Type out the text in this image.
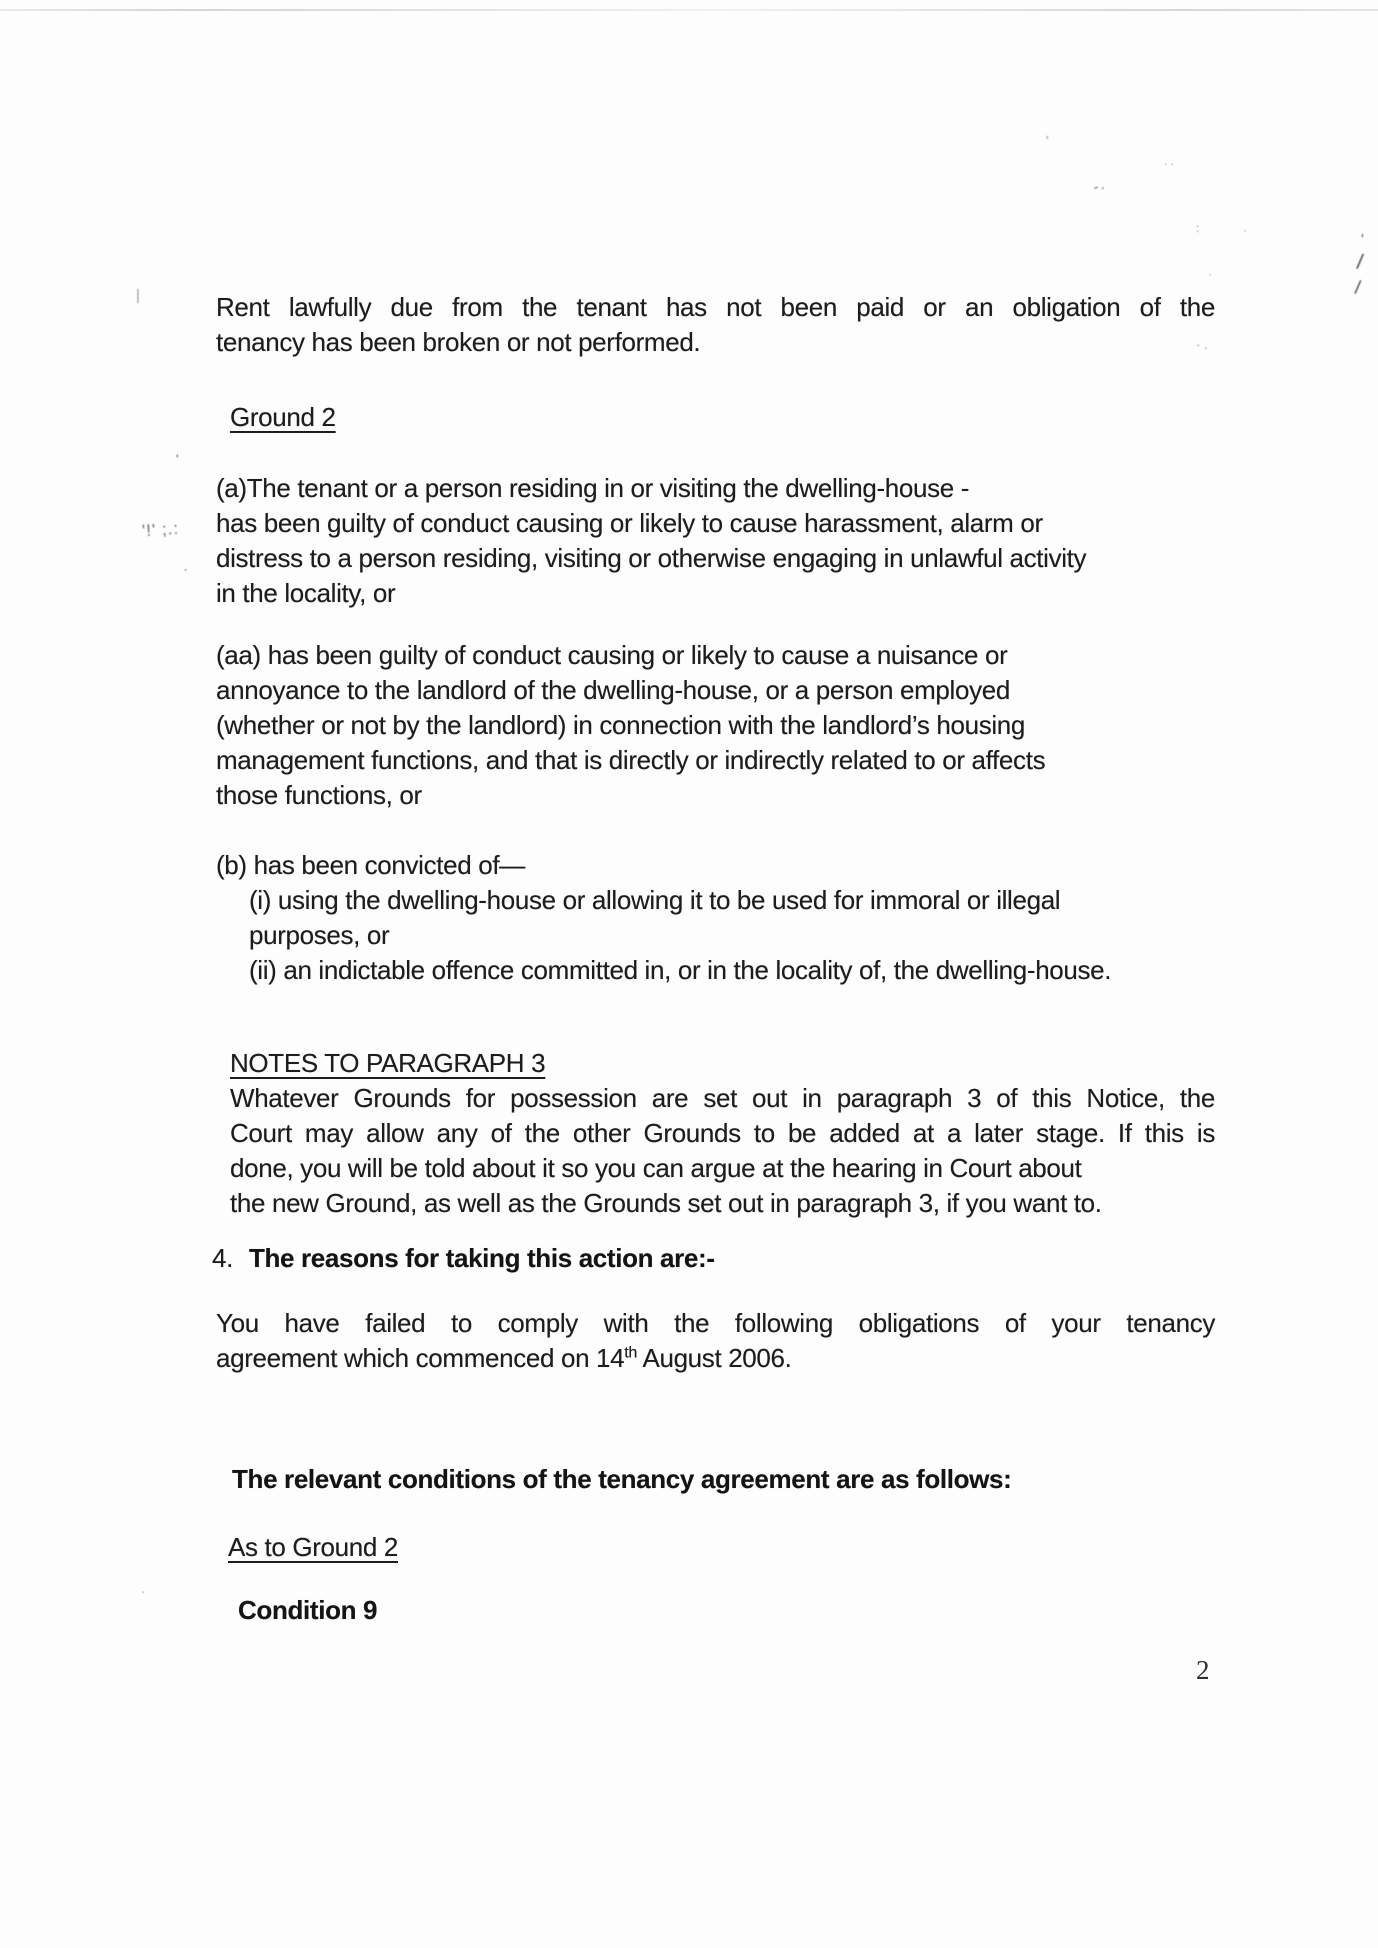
Rent lawfully due from the tenant has not been paid or an obligation of the
tenancy has been broken or not performed.
Ground 2
(a)The tenant or a person residing in or visiting the dwelling-house -
has been guilty of conduct causing or likely to cause harassment, alarm or
distress to a person residing, visiting or otherwise engaging in unlawful activity
in the locality, or
(aa) has been guilty of conduct causing or likely to cause a nuisance or
annoyance to the landlord of the dwelling-house, or a person employed
(whether or not by the landlord) in connection with the landlord’s housing
management functions, and that is directly or indirectly related to or affects
those functions, or
(b) has been convicted of—
(i) using the dwelling-house or allowing it to be used for immoral or illegal
purposes, or
(ii) an indictable offence committed in, or in the locality of, the dwelling-house.
NOTES TO PARAGRAPH 3
Whatever Grounds for possession are set out in paragraph 3 of this Notice, the
Court may allow any of the other Grounds to be added at a later stage. If this is
done, you will be told about it so you can argue at the hearing in Court about
the new Ground, as well as the Grounds set out in paragraph 3, if you want to.
4. The reasons for taking this action are:-
You have failed to comply with the following obligations of your tenancy
agreement which commenced on 14th August 2006.
The relevant conditions of the tenancy agreement are as follows:
As to Ground 2
Condition 9
2
'!' ;.:
'
·
|
'
-.
. .
:	·
·
'
/
/
· .
·
